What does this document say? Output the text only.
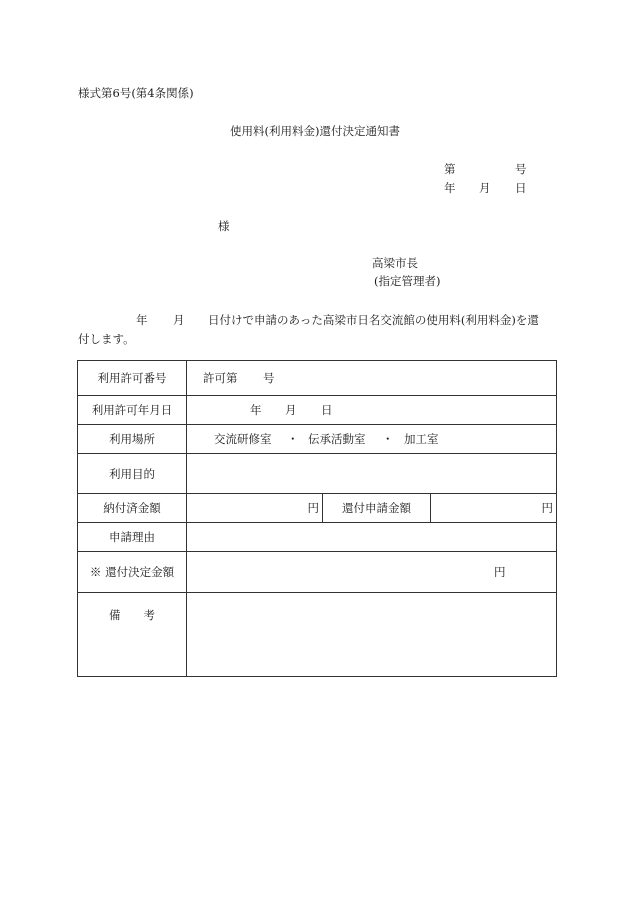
様式第6号(第4条関係)
使用料(利用料金)還付決定通知書
第	号
年 月 日
様
高梁市長
(指定管理者)

年 月 日付けで申請のあった高梁市日名交流館の使用料(利用料金)を還
付します。
利用許可番号	許可第 号		

利用許可年月日	年 月 日		

利用場所	交流研修室 ・ 伝承活動室 ・ 加工室		

利用目的			
納付済金額	円	還付申請金額	円
申請理由			
※ 還付決定金額	円		

備　　考			
